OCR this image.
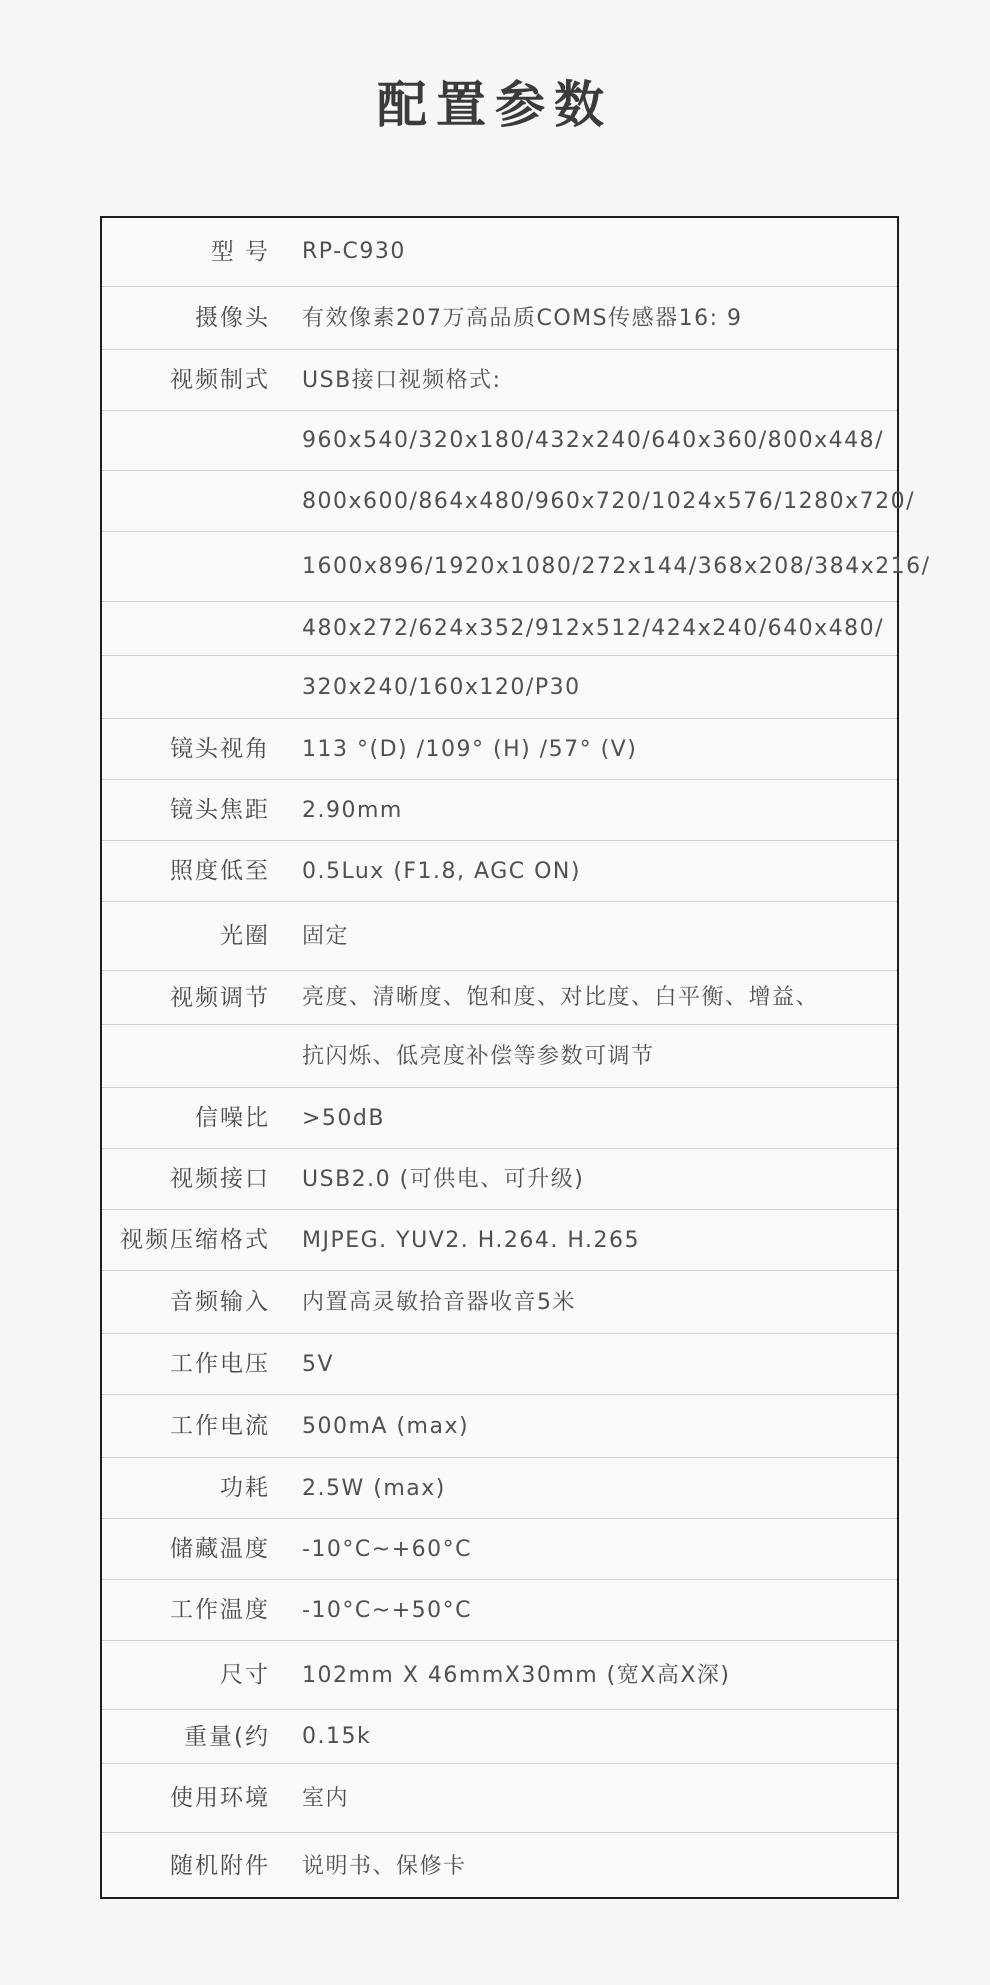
配置参数
型 号 RP-C930
摄像头 有效像素207万高品质COMS传感器16: 9
视频制式 USB接口视频格式:
960x540/320x180/432x240/640x360/800x448/
800x600/864x480/960x720/1024x576/1280x720/
1600x896/1920x1080/272x144/368x208/384x216/
480x272/624x352/912x512/424x240/640x480/
320x240/160x120/P30
镜头视角 113 °(D) /109° (H) /57° (V)
镜头焦距 2.90mm
照度低至 0.5Lux (F1.8, AGC ON)
光圈 固定
视频调节 亮度、清晰度、饱和度、对比度、白平衡、增益、
抗闪烁、低亮度补偿等参数可调节
信噪比 >50dB
视频接口 USB2.0 (可供电、可升级)
视频压缩格式 MJPEG. YUV2. H.264. H.265
音频输入 内置高灵敏拾音器收音5米
工作电压 5V
工作电流 500mA (max)
功耗 2.5W (max)
储藏温度 -10°C~+60°C
工作温度 -10°C~+50°C
尺寸 102mm X 46mmX30mm (宽X高X深)
重量(约 0.15k
使用环境 室内
随机附件 说明书、保修卡
